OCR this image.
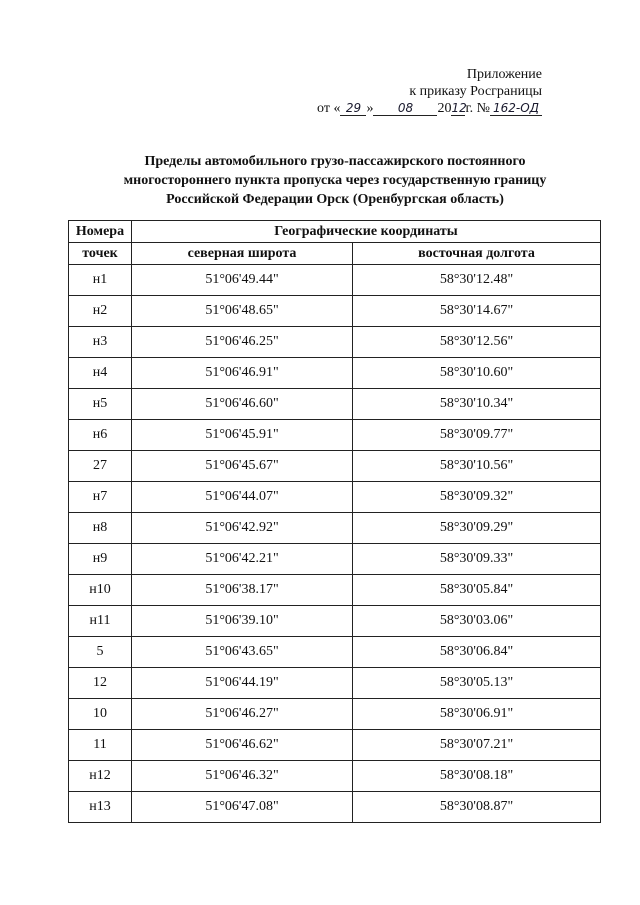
Приложение
к приказу Росграницы
от « 29 » 08 2012г. № 162-ОД
Пределы автомобильного грузо-пассажирского постоянного
многостороннего пункта пропуска через государственную границу
Российской Федерации Орск (Оренбургская область)
Номера	Географические координаты	
точек	северная широта	восточная долгота
н1	51°06'49.44"	58°30'12.48"
н2	51°06'48.65"	58°30'14.67"
н3	51°06'46.25"	58°30'12.56"
н4	51°06'46.91"	58°30'10.60"
н5	51°06'46.60"	58°30'10.34"
н6	51°06'45.91"	58°30'09.77"
27	51°06'45.67"	58°30'10.56"
н7	51°06'44.07"	58°30'09.32"
н8	51°06'42.92"	58°30'09.29"
н9	51°06'42.21"	58°30'09.33"
н10	51°06'38.17"	58°30'05.84"
н11	51°06'39.10"	58°30'03.06"
5	51°06'43.65"	58°30'06.84"
12	51°06'44.19"	58°30'05.13"
10	51°06'46.27"	58°30'06.91"
11	51°06'46.62"	58°30'07.21"
н12	51°06'46.32"	58°30'08.18"
н13	51°06'47.08"	58°30'08.87"
